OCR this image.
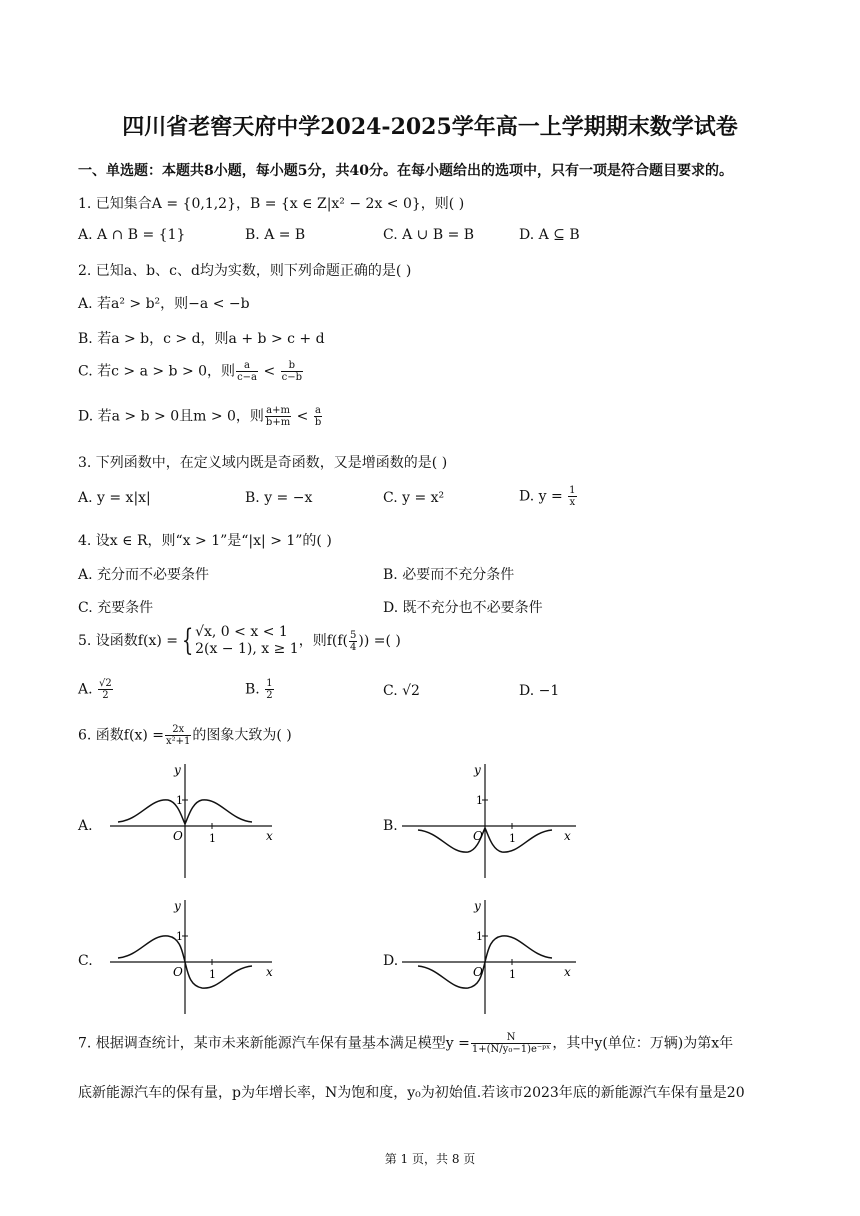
四川省老窖天府中学2024-2025学年高一上学期期末数学试卷
一、单选题：本题共8小题，每小题5分，共40分。在每小题给出的选项中，只有一项是符合题目要求的。
1. 已知集合A = {0,1,2}，B = {x ∈ Z|x² − 2x < 0}，则( )
A. A ∩ B = {1}	B. A = B	C. A ∪ B = B	D. A ⊆ B
2. 已知a、b、c、d均为实数，则下列命题正确的是( )
A. 若a² > b²，则−a < −b
B. 若a > b，c > d，则a + b > c + d
C. 若c > a > b > 0，则 $\frac{a}{c-a} < \frac{b}{c-b}$
D. 若a > b > 0且m > 0，则 $\frac{a+m}{b+m} < \frac{a}{b}$
3. 下列函数中，在定义域内既是奇函数，又是增函数的是( )
A. y = x|x|	B. y = −x	C. y = x²	D. $y = \frac{1}{x}$
4. 设x ∈ R，则“x > 1”是“|x| > 1”的( )
A. 充分而不必要条件	B. 必要而不充分条件
C. 充要条件	D. 既不充分也不必要条件
5. 设函数f(x) = { √x, 0 < x < 1
2(x − 1), x ≥ 1 ，则$f(f( \frac{5}{4}$ )) =( )
A. $\frac{√2}{2}$	B. $\frac{1}{2}$	C. √2	D. −1
6. 函数$f(x) = \frac{2x}{\text{x²+1}}$ 的图象大致为( )
A.	B.
C.	D.
y
x
O
1
1
y
x
O
1
1
y
x
O
1
1
y
x
O
1
1
7. 根据调查统计，某市未来新能源汽车保有量基本满足模型$y = \frac{N}{\text{1+(N/y₀−1)e⁻ᵖˣ}}$ ，其中y(单位：万辆)为第x年
底新能源汽车的保有量，p为年增长率，N为饱和度，y₀为初始值.若该市2023年底的新能源汽车保有量是20
第 1 页，共 8 页
